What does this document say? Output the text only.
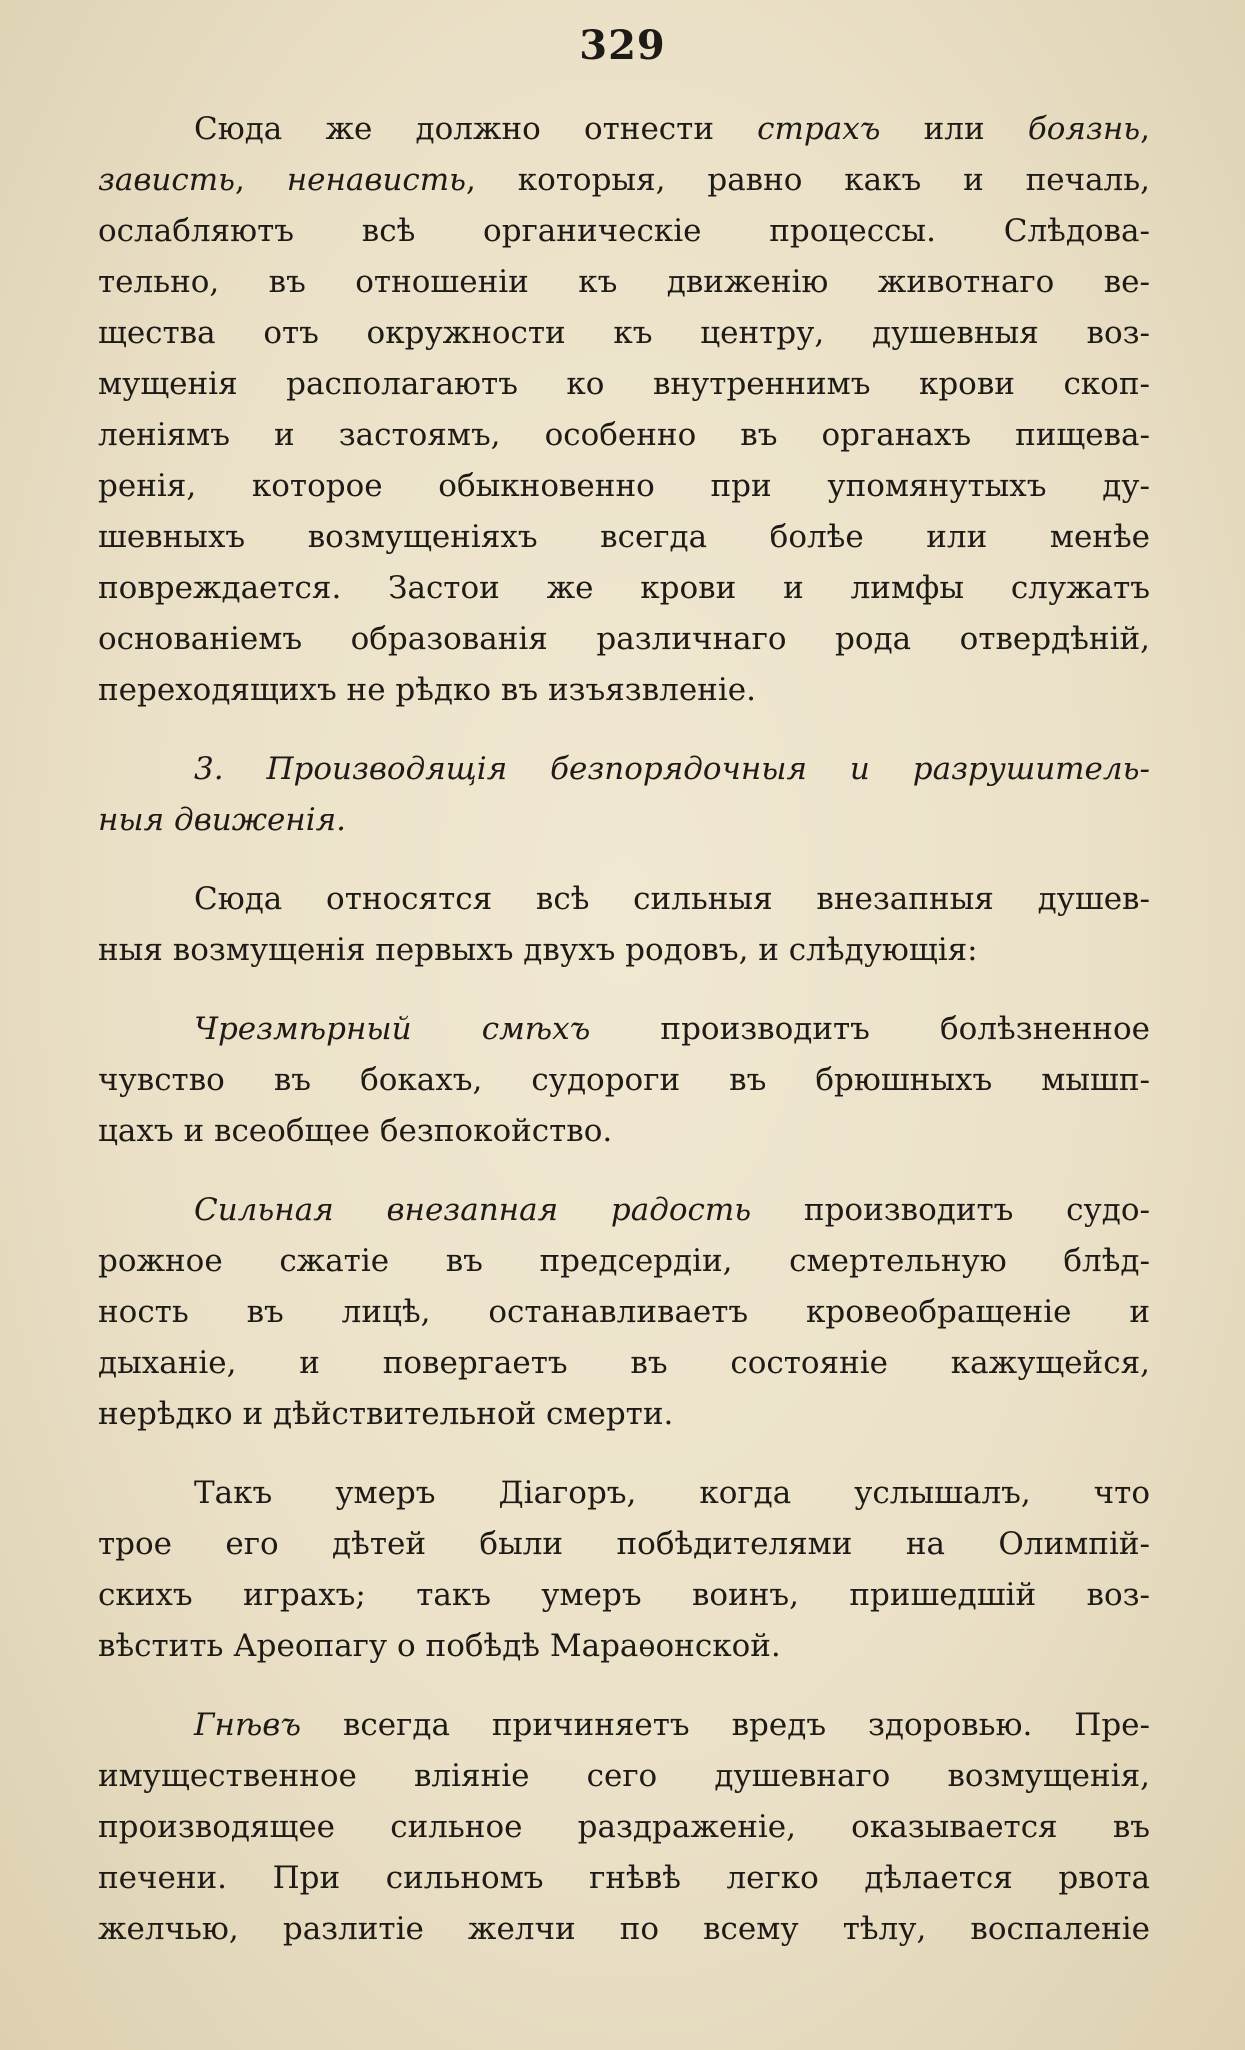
329
Сюда же должно отнести страхъ или боязнь,
зависть, ненависть, которыя, равно какъ и печаль,
ослабляютъ всѣ органическіе процессы. Слѣдова-
тельно, въ отношеніи къ движенію животнаго ве-
щества отъ окружности къ центру, душевныя воз-
мущенія располагаютъ ко внутреннимъ крови скоп-
леніямъ и застоямъ, особенно въ органахъ пищева-
ренія, которое обыкновенно при упомянутыхъ ду-
шевныхъ возмущеніяхъ всегда болѣе или менѣе
повреждается. Застои же крови и лимфы служатъ
основаніемъ образованія различнаго рода отвердѣній,
переходящихъ не рѣдко въ изъязвленіе.
3. Производящія безпорядочныя и разрушитель-
ныя движенія.
Сюда относятся всѣ сильныя внезапныя душев-
ныя возмущенія первыхъ двухъ родовъ, и слѣдующія:
Чрезмѣрный смѣхъ производитъ болѣзненное
чувство въ бокахъ, судороги въ брюшныхъ мышп-
цахъ и всеобщее безпокойство.
Сильная внезапная радость производитъ судо-
рожное сжатіе въ предсердіи, смертельную блѣд-
ность въ лицѣ, останавливаетъ кровеобращеніе и
дыханіе, и повергаетъ въ состояніе кажущейся,
нерѣдко и дѣйствительной смерти.
Такъ умеръ Діагоръ, когда услышалъ, что
трое его дѣтей были побѣдителями на Олимпій-
скихъ играхъ; такъ умеръ воинъ, пришедшій воз-
вѣстить Ареопагу о побѣдѣ Мараѳонской.
Гнѣвъ всегда причиняетъ вредъ здоровью. Пре-
имущественное вліяніе сего душевнаго возмущенія,
производящее сильное раздраженіе, оказывается въ
печени. При сильномъ гнѣвѣ легко дѣлается рвота
желчью, разлитіе желчи по всему тѣлу, воспаленіе
